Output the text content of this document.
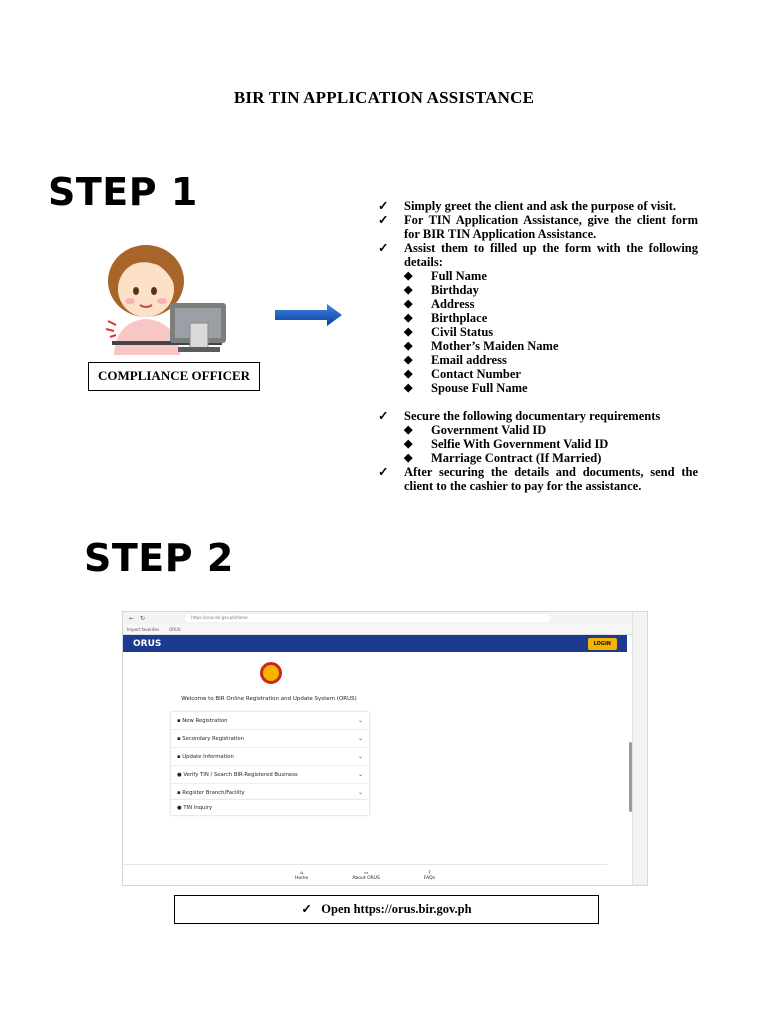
BIR TIN APPLICATION ASSISTANCE
STEP 1
COMPLIANCE OFFICER
✓	Simply greet the client and ask the purpose of visit.
✓	For TIN Application Assistance, give the client form for BIR TIN Application Assistance.
✓	Assist them to filled up the form with the following details:
◆	Full Name
◆	Birthday
◆	Address
◆	Birthplace
◆	Civil Status
◆	Mother’s Maiden Name
◆	Email address
◆	Contact Number
◆	Spouse Full Name
✓	Secure the following documentary requirements
◆	Government Valid ID
◆	Selfie With Government Valid ID
◆	Marriage Contract (If Married)
✓	After securing the details and documents, send the client to the cashier to pay for the assistance.
STEP 2
← ↻	https://orus.bir.gov.ph/home
Import favorites	ORUS
ORUS	LOGIN
Welcome to BIR Online Registration and Update System (ORUS)
▪ New Registration	⌄
▪ Secondary Registration	⌄
▪ Update Information	⌄
● Verify TIN / Search BIR-Registered Business	⌄
▪ Register Branch/Facility	⌄
● TIN Inquiry
⌂
Home
▭
About ORUS
?
FAQs
✓ Open https://orus.bir.gov.ph
